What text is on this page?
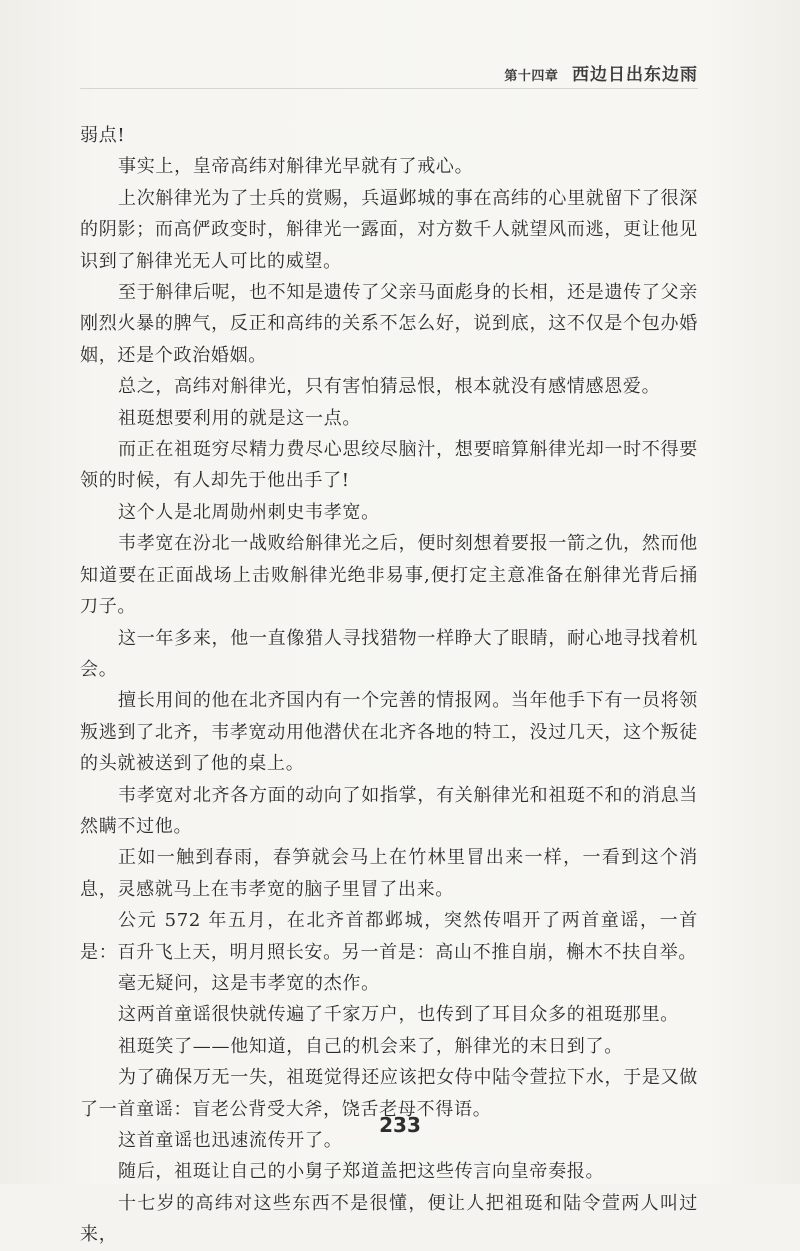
第十四章 西边日出东边雨

弱点!

事实上，皇帝高纬对斛律光早就有了戒心。

上次斛律光为了士兵的赏赐，兵逼邺城的事在高纬的心里就留下了很深的阴影；而高俨政变时，斛律光一露面，对方数千人就望风而逃，更让他见识到了斛律光无人可比的威望。

至于斛律后呢，也不知是遗传了父亲马面彪身的长相，还是遗传了父亲刚烈火暴的脾气，反正和高纬的关系不怎么好，说到底，这不仅是个包办婚姻，还是个政治婚姻。

总之，高纬对斛律光，只有害怕猜忌恨，根本就没有感情感恩爱。

祖珽想要利用的就是这一点。

而正在祖珽穷尽精力费尽心思绞尽脑汁，想要暗算斛律光却一时不得要领的时候，有人却先于他出手了!

这个人是北周勋州刺史韦孝宽。

韦孝宽在汾北一战败给斛律光之后，便时刻想着要报一箭之仇，然而他知道要在正面战场上击败斛律光绝非易事,便打定主意准备在斛律光背后捅刀子。

这一年多来，他一直像猎人寻找猎物一样睁大了眼睛，耐心地寻找着机会。

擅长用间的他在北齐国内有一个完善的情报网。当年他手下有一员将领叛逃到了北齐，韦孝宽动用他潜伏在北齐各地的特工，没过几天，这个叛徒的头就被送到了他的桌上。

韦孝宽对北齐各方面的动向了如指掌，有关斛律光和祖珽不和的消息当然瞒不过他。

正如一触到春雨，春笋就会马上在竹林里冒出来一样，一看到这个消息，灵感就马上在韦孝宽的脑子里冒了出来。

公元 572 年五月，在北齐首都邺城，突然传唱开了两首童谣，一首是：百升飞上天，明月照长安。另一首是：高山不推自崩，槲木不扶自举。

毫无疑问，这是韦孝宽的杰作。

这两首童谣很快就传遍了千家万户，也传到了耳目众多的祖珽那里。

祖珽笑了——他知道，自己的机会来了，斛律光的末日到了。

为了确保万无一失，祖珽觉得还应该把女侍中陆令萱拉下水，于是又做了一首童谣：盲老公背受大斧，饶舌老母不得语。

这首童谣也迅速流传开了。

随后，祖珽让自己的小舅子郑道盖把这些传言向皇帝奏报。

十七岁的高纬对这些东西不是很懂，便让人把祖珽和陆令萱两人叫过来，

233
